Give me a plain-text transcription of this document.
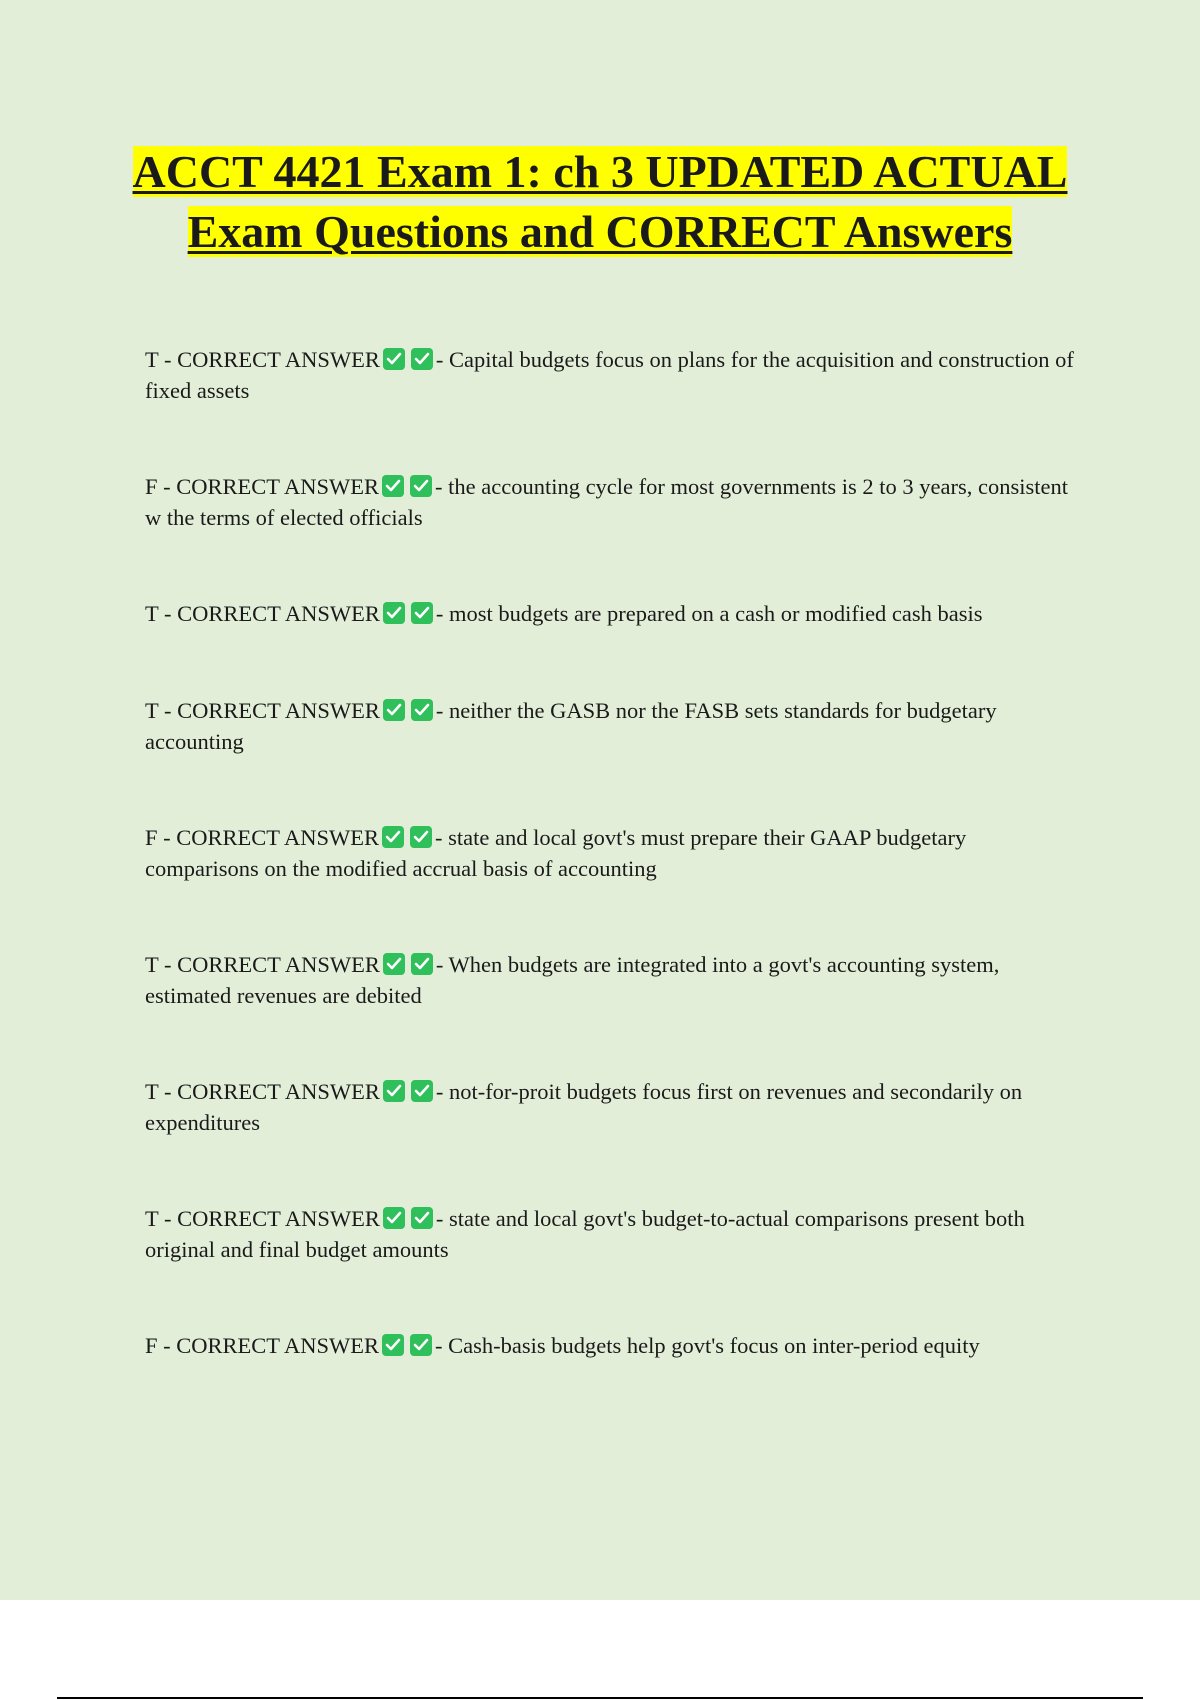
ACCT 4421 Exam 1: ch 3 UPDATED ACTUAL Exam Questions and CORRECT Answers

T - CORRECT ANSWER - Capital budgets focus on plans for the acquisition and construction of fixed assets

F - CORRECT ANSWER - the accounting cycle for most governments is 2 to 3 years, consistent w the terms of elected officials

T - CORRECT ANSWER - most budgets are prepared on a cash or modified cash basis

T - CORRECT ANSWER - neither the GASB nor the FASB sets standards for budgetary accounting

F - CORRECT ANSWER - state and local govt's must prepare their GAAP budgetary comparisons on the modified accrual basis of accounting

T - CORRECT ANSWER - When budgets are integrated into a govt's accounting system, estimated revenues are debited

T - CORRECT ANSWER - not-for-proit budgets focus first on revenues and secondarily on expenditures

T - CORRECT ANSWER - state and local govt's budget-to-actual comparisons present both original and final budget amounts

F - CORRECT ANSWER - Cash-basis budgets help govt's focus on inter-period equity
